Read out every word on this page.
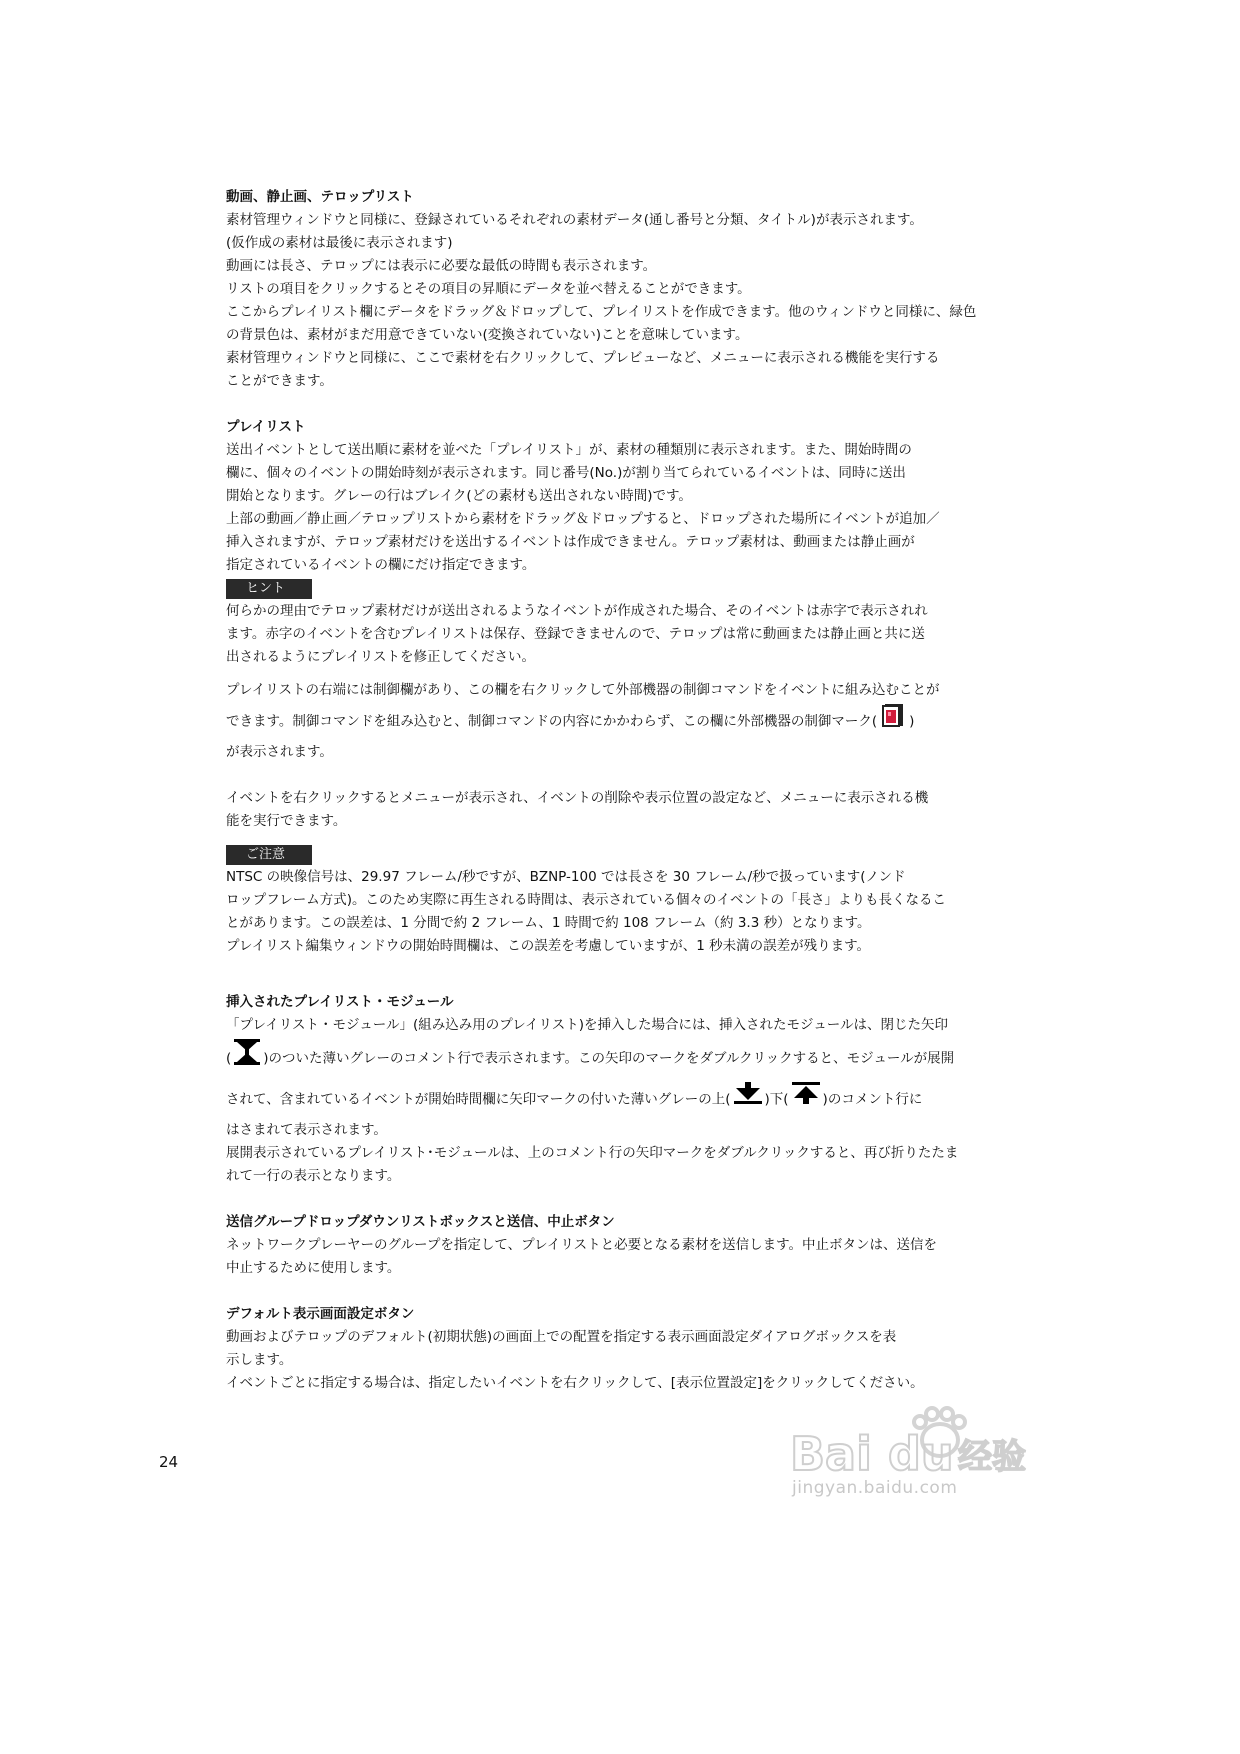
動画、静止画、テロップリスト
素材管理ウィンドウと同様に、登録されているそれぞれの素材データ(通し番号と分類、タイトル)が表示されます。
(仮作成の素材は最後に表示されます)
動画には長さ、テロップには表示に必要な最低の時間も表示されます。
リストの項目をクリックするとその項目の昇順にデータを並べ替えることができます。
ここからプレイリスト欄にデータをドラッグ＆ドロップして、プレイリストを作成できます。他のウィンドウと同様に、緑色
の背景色は、素材がまだ用意できていない(変換されていない)ことを意味しています。
素材管理ウィンドウと同様に、ここで素材を右クリックして、プレビューなど、メニューに表示される機能を実行する
ことができます。
プレイリスト
送出イベントとして送出順に素材を並べた「プレイリスト」が、素材の種類別に表示されます。また、開始時間の
欄に、個々のイベントの開始時刻が表示されます。同じ番号(No.)が割り当てられているイベントは、同時に送出
開始となります。グレーの行はブレイク(どの素材も送出されない時間)です。
上部の動画／静止画／テロップリストから素材をドラッグ＆ドロップすると、ドロップされた場所にイベントが追加／
挿入されますが、テロップ素材だけを送出するイベントは作成できません。テロップ素材は、動画または静止画が
指定されているイベントの欄にだけ指定できます。
ヒント
何らかの理由でテロップ素材だけが送出されるようなイベントが作成された場合、そのイベントは赤字で表示されれ
ます。赤字のイベントを含むプレイリストは保存、登録できませんので、テロップは常に動画または静止画と共に送
出されるようにプレイリストを修正してください。
プレイリストの右端には制御欄があり、この欄を右クリックして外部機器の制御コマンドをイベントに組み込むことが
できます。制御コマンドを組み込むと、制御コマンドの内容にかかわらず、この欄に外部機器の制御マーク( )
が表示されます。
イベントを右クリックするとメニューが表示され、イベントの削除や表示位置の設定など、メニューに表示される機
能を実行できます。
ご注意
NTSC の映像信号は、29.97 フレーム/秒ですが、BZNP-100 では長さを 30 フレーム/秒で扱っています(ノンド
ロップフレーム方式)。このため実際に再生される時間は、表示されている個々のイベントの「長さ」よりも長くなるこ
とがあります。この誤差は、1 分間で約 2 フレーム、1 時間で約 108 フレーム（約 3.3 秒）となります。
プレイリスト編集ウィンドウの開始時間欄は、この誤差を考慮していますが、1 秒未満の誤差が残ります。
挿入されたプレイリスト・モジュール
「プレイリスト・モジュール」(組み込み用のプレイリスト)を挿入した場合には、挿入されたモジュールは、閉じた矢印
( )のついた薄いグレーのコメント行で表示されます。この矢印のマークをダブルクリックすると、モジュールが展開
されて、含まれているイベントが開始時間欄に矢印マークの付いた薄いグレーの上(	)下(	)のコメント行に
はさまれて表示されます。
展開表示されているプレイリスト･モジュールは、上のコメント行の矢印マークをダブルクリックすると、再び折りたたま
れて一行の表示となります。
送信グループドロップダウンリストボックスと送信、中止ボタン
ネットワークプレーヤーのグループを指定して、プレイリストと必要となる素材を送信します。中止ボタンは、送信を
中止するために使用します。
デフォルト表示画面設定ボタン
動画およびテロップのデフォルト(初期状態)の画面上での配置を指定する表示画面設定ダイアログボックスを表
示します。
イベントごとに指定する場合は、指定したいイベントを右クリックして、[表示位置設定]をクリックしてください。
24	Bai du 经验
jingyan.baidu.com
